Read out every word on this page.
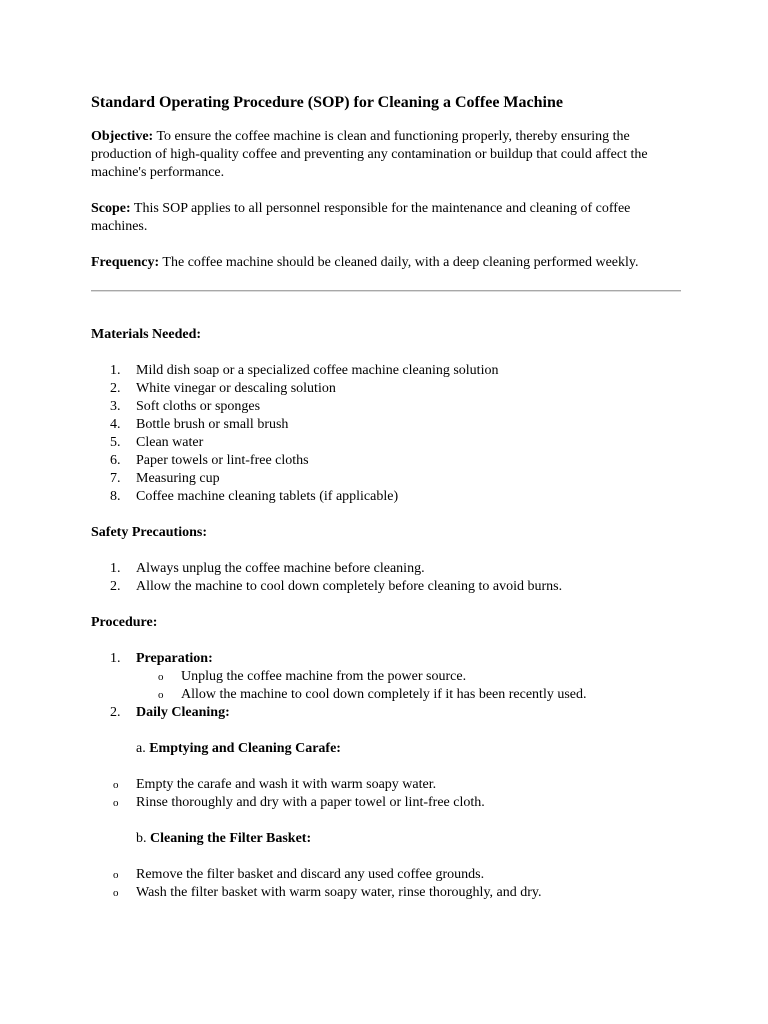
Standard Operating Procedure (SOP) for Cleaning a Coffee Machine

Objective: To ensure the coffee machine is clean and functioning properly, thereby ensuring the production of high-quality coffee and preventing any contamination or buildup that could affect the machine's performance.

Scope: This SOP applies to all personnel responsible for the maintenance and cleaning of coffee machines.

Frequency: The coffee machine should be cleaned daily, with a deep cleaning performed weekly.

Materials Needed:
1.	Mild dish soap or a specialized coffee machine cleaning solution
2.	White vinegar or descaling solution
3.	Soft cloths or sponges
4.	Bottle brush or small brush
5.	Clean water
6.	Paper towels or lint-free cloths
7.	Measuring cup
8.	Coffee machine cleaning tablets (if applicable)
Safety Precautions:
1.	Always unplug the coffee machine before cleaning.
2.	Allow the machine to cool down completely before cleaning to avoid burns.
Procedure:
1.	Preparation:
o Unplug the coffee machine from the power source.
o Allow the machine to cool down completely if it has been recently used.
2.	Daily Cleaning:
a. Emptying and Cleaning Carafe:
o Empty the carafe and wash it with warm soapy water.
o Rinse thoroughly and dry with a paper towel or lint-free cloth.
b. Cleaning the Filter Basket:
o Remove the filter basket and discard any used coffee grounds.
o Wash the filter basket with warm soapy water, rinse thoroughly, and dry.
